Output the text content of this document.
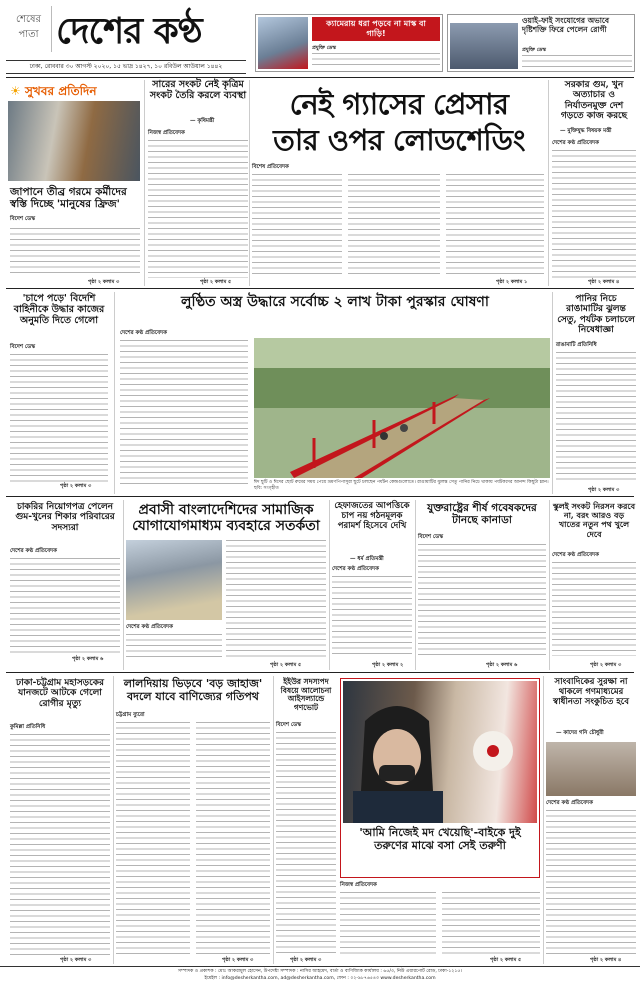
শেষের পাতা দেশের কণ্ঠ
ঢাকা, রোববার ৩০ আগস্ট ২০২০, ১৫ ভাদ্র ১৪২৭, ১০ রবিউল আউয়াল ১৪৪২
ক্যামেরায় ধরা পড়বে না মাস্ক বা গাড়ি!
প্রযুক্তি ডেস্ক
ওয়াই-ফাই সংযোগের অভাবে দৃষ্টিশক্তি ফিরে পেলেন রোগী
প্রযুক্তি ডেস্ক
☀ সুখবর প্রতিদিন
জাপানে তীব্র গরমে কর্মীদের স্বস্তি দিচ্ছে 'মানুষের ফ্রিজ'
বিদেশ ডেস্ক
পৃষ্ঠা ২ কলাম ৩
সারের সংকট নেই কৃত্রিম সংকট তৈরি করলে ব্যবস্থা
— কৃষিমন্ত্রী
নিজস্ব প্রতিবেদক
পৃষ্ঠা ২ কলাম ৫
নেই গ্যাসের প্রেসার
তার ওপর লোডশেডিং
বিশেষ প্রতিবেদক
পৃষ্ঠা ২ কলাম ১
সরকার গুম, খুন অত্যাচার ও নির্যাতনমুক্ত দেশ গড়তে কাজ করছে
— মুক্তিযুদ্ধ বিষয়ক মন্ত্রী
দেশের কণ্ঠ প্রতিবেদক
পৃষ্ঠা ২ কলাম ৪
'চাপে পড়ে' বিদেশি বাহিনীকে উদ্ধার কাজের অনুমতি দিতে গেলো
বিদেশ ডেস্ক
পৃষ্ঠা ২ কলাম ৩
লুণ্ঠিত অস্ত্র উদ্ধারে সর্বোচ্চ ২ লাখ টাকা পুরস্কার ঘোষণা
দেশের কণ্ঠ প্রতিবেদক
ঈদ ছুটি ও ঈদের ছোট রুমের সময় পেয়ে ভ্রমণপিপাসুরা ছুটে চলছেন পর্যটন কেন্দ্রগুলোতে। রাঙামাটির ঝুলন্ত সেতু পানির নিচে থাকায় পর্যটকদের আনন্দ কিছুটা ম্লান। ছবি: সংগৃহীত
পানির নিচে রাঙামাটির ঝুলন্ত সেতু, পর্যটক চলাচলে নিষেধাজ্ঞা
রাঙামাটি প্রতিনিধি
পৃষ্ঠা ২ কলাম ৩
চাকরির নিয়োগপত্র পেলেন গুম-খুনের শিকার পরিবারের সদস্যরা
দেশের কণ্ঠ প্রতিবেদক
পৃষ্ঠা ২ কলাম ৬
প্রবাসী বাংলাদেশিদের সামাজিক যোগাযোগমাধ্যম ব্যবহারে সতর্কতা
দেশের কণ্ঠ প্রতিবেদক
পৃষ্ঠা ২ কলাম ৫
হেফাজতের আপত্তিকে চাপ নয় গঠনমূলক পরামর্শ হিসেবে দেখি
— ধর্ম প্রতিমন্ত্রী
দেশের কণ্ঠ প্রতিবেদক
পৃষ্ঠা ২ কলাম ২
যুক্তরাষ্ট্রের শীর্ষ গবেষকদের টানছে কানাডা
বিদেশ ডেস্ক
পৃষ্ঠা ২ কলাম ৬
স্কুলই সংকট নিরসন করবে না, বরং আরও বড় খাতের নতুন পথ খুলে দেবে
দেশের কণ্ঠ প্রতিবেদক
পৃষ্ঠা ২ কলাম ৩
ঢাকা-চট্টগ্রাম মহাসড়কের যানজটে আটকে গেলো রোগীর মৃত্যু
কুমিল্লা প্রতিনিধি
পৃষ্ঠা ২ কলাম ৩
লালদিয়ায় ভিড়বে 'বড় জাহাজ' বদলে যাবে বাণিজ্যের গতিপথ
চট্টগ্রাম ব্যুরো
পৃষ্ঠা ২ কলাম ৩
ইইউর সদস্যপদ বিষয়ে আলোচনা আইসল্যান্ডে গণভোট
বিদেশ ডেস্ক
পৃষ্ঠা ২ কলাম ৩
'আমি নিজেই মদ খেয়েছি'-বাইকে দুই তরুণের মাঝে বসা সেই তরুণী
নিজস্ব প্রতিবেদক
পৃষ্ঠা ২ কলাম ৫
সাংবাদিকের সুরক্ষা না থাকলে গণমাধ্যমের স্বাধীনতা সংকুচিত হবে
— কাদের গনি চৌধুরী
দেশের কণ্ঠ প্রতিবেদক
পৃষ্ঠা ২ কলাম ৪
সম্পাদক ও প্রকাশক : মোঃ আকরামুল হোসেন, উপদেষ্টা সম্পাদক : নাসির আহমেদ, বার্তা ও বাণিজ্যিক কার্যালয় : ৬৫/৩, নিউ এয়ারপোর্ট রোড, ঢাকা-১২১৫।
ইমেইল : info@desherkantha.com, ad@desherkantha.com, ফোন : ০২-৯৮৭৬৫৪৩ www.desherkantha.com
